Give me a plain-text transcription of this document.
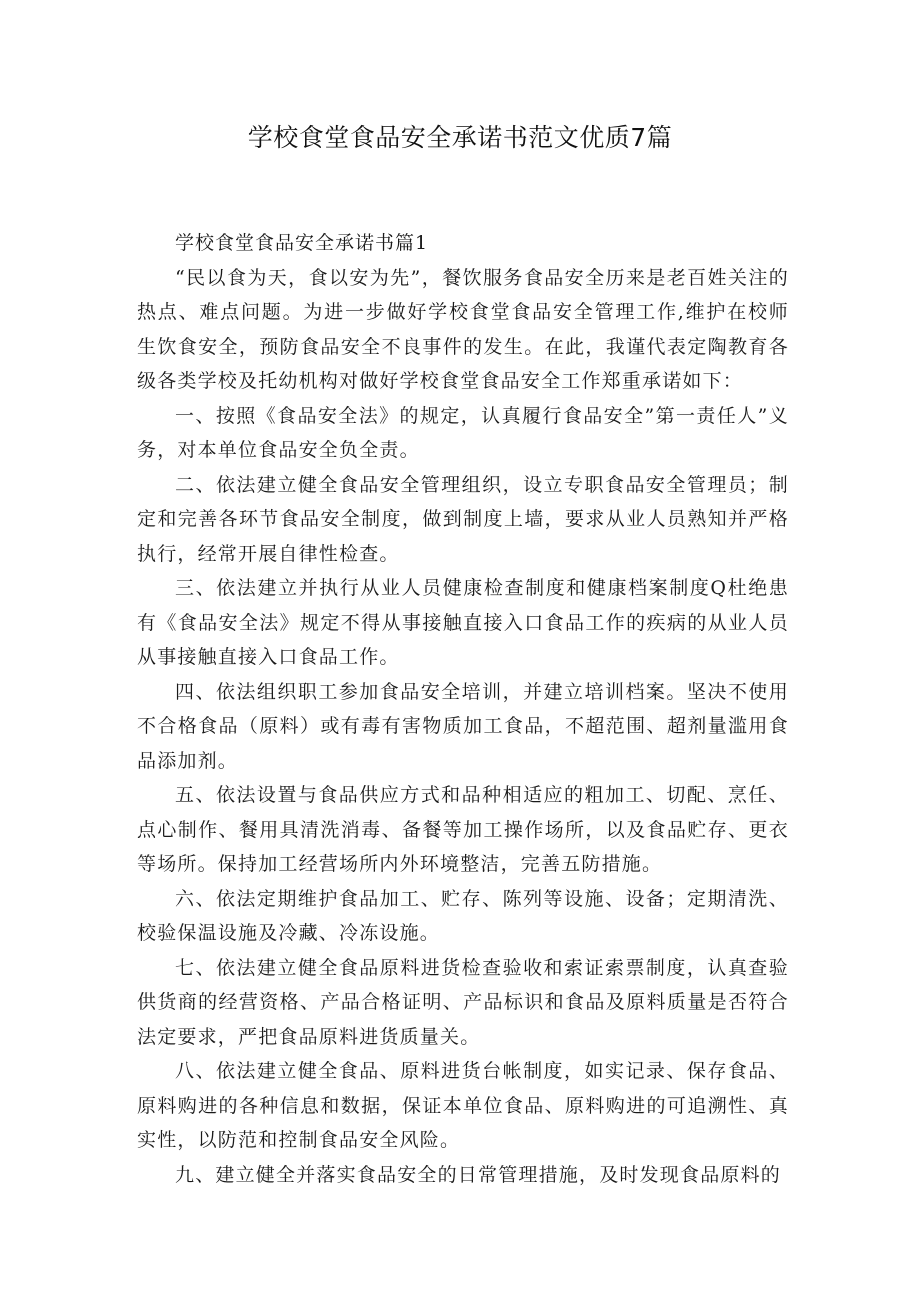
学校食堂食品安全承诺书范文优质7篇

学校食堂食品安全承诺书篇1

“民以食为天，食以安为先”，餐饮服务食品安全历来是老百姓关注的热点、难点问题。为进一步做好学校食堂食品安全管理工作,维护在校师生饮食安全，预防食品安全不良事件的发生。在此，我谨代表定陶教育各级各类学校及托幼机构对做好学校食堂食品安全工作郑重承诺如下：

一、按照《食品安全法》的规定，认真履行食品安全”第一责任人”义务，对本单位食品安全负全责。

二、依法建立健全食品安全管理组织，设立专职食品安全管理员；制定和完善各环节食品安全制度，做到制度上墙，要求从业人员熟知并严格执行，经常开展自律性检查。

三、依法建立并执行从业人员健康检查制度和健康档案制度Q杜绝患有《食品安全法》规定不得从事接触直接入口食品工作的疾病的从业人员从事接触直接入口食品工作。

四、依法组织职工参加食品安全培训，并建立培训档案。坚决不使用不合格食品（原料）或有毒有害物质加工食品，不超范围、超剂量滥用食品添加剂。

五、依法设置与食品供应方式和品种相适应的粗加工、切配、烹任、点心制作、餐用具清洗消毒、备餐等加工操作场所，以及食品贮存、更衣等场所。保持加工经营场所内外环境整洁，完善五防措施。

六、依法定期维护食品加工、贮存、陈列等设施、设备；定期清洗、校验保温设施及冷藏、冷冻设施。

七、依法建立健全食品原料进货检查验收和索证索票制度，认真查验供货商的经营资格、产品合格证明、产品标识和食品及原料质量是否符合法定要求，严把食品原料进货质量关。

八、依法建立健全食品、原料进货台帐制度，如实记录、保存食品、原料购进的各种信息和数据，保证本单位食品、原料购进的可追溯性、真实性，以防范和控制食品安全风险。

九、建立健全并落实食品安全的日常管理措施，及时发现食品原料的
